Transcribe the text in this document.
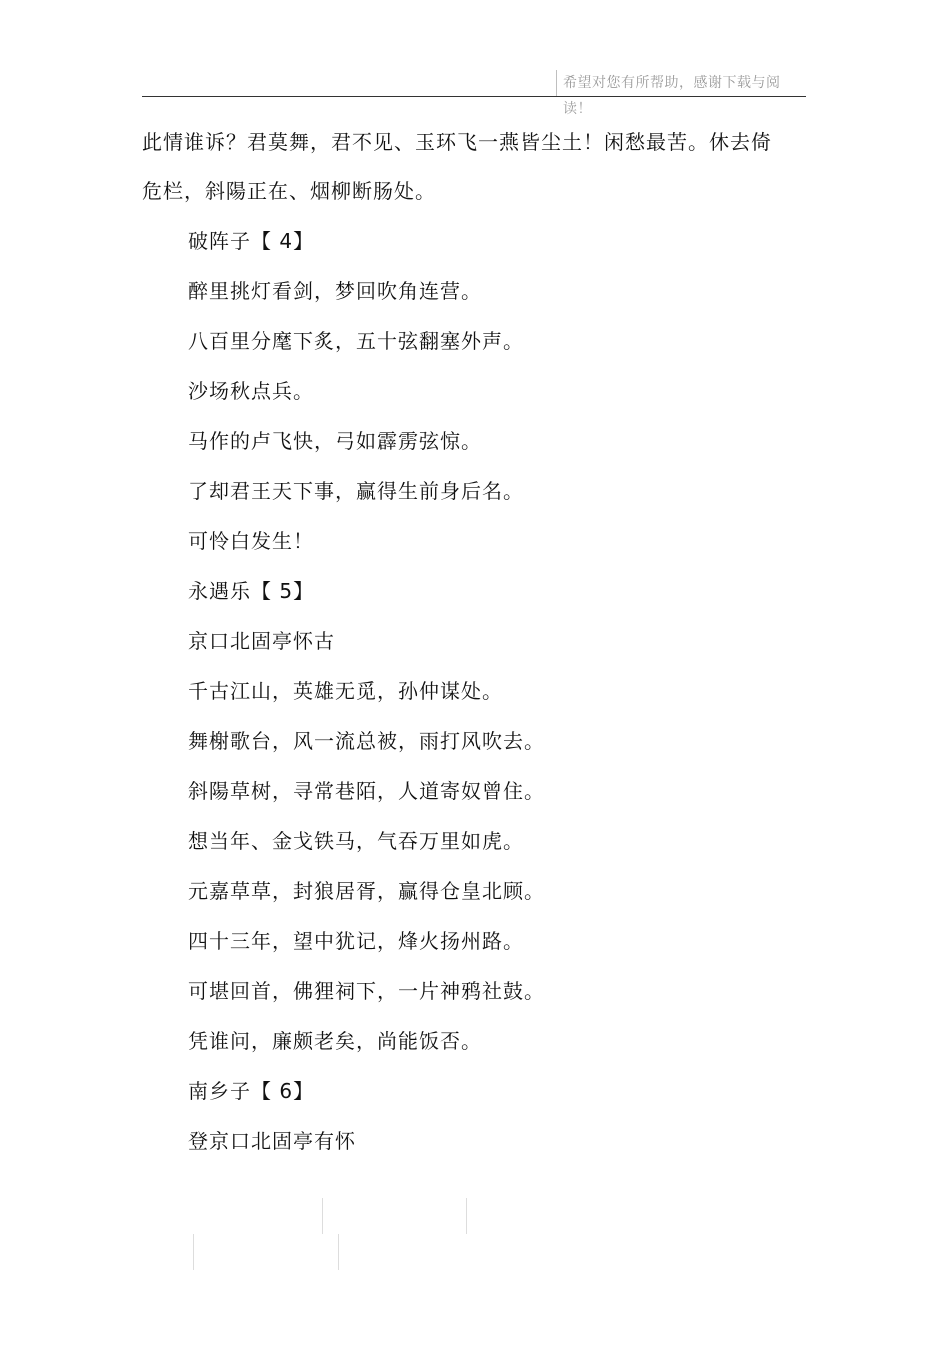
希望对您有所帮助，感谢下载与阅读！
此情谁诉？君莫舞，君不见、玉环飞一燕皆尘土！闲愁最苦。休去倚危栏，斜陽正在、烟柳断肠处。
破阵子【 4】
醉里挑灯看剑，梦回吹角连营。
八百里分麾下炙，五十弦翻塞外声。
沙场秋点兵。
马作的卢飞快，弓如霹雳弦惊。
了却君王天下事，赢得生前身后名。
可怜白发生！
永遇乐【 5】
京口北固亭怀古
千古江山，英雄无觅，孙仲谋处。
舞榭歌台，风一流总被，雨打风吹去。
斜陽草树，寻常巷陌，人道寄奴曾住。
想当年、金戈铁马，气吞万里如虎。
元嘉草草，封狼居胥，赢得仓皇北顾。
四十三年，望中犹记，烽火扬州路。
可堪回首，佛狸祠下，一片神鸦社鼓。
凭谁问，廉颇老矣，尚能饭否。
南乡子【 6】
登京口北固亭有怀
